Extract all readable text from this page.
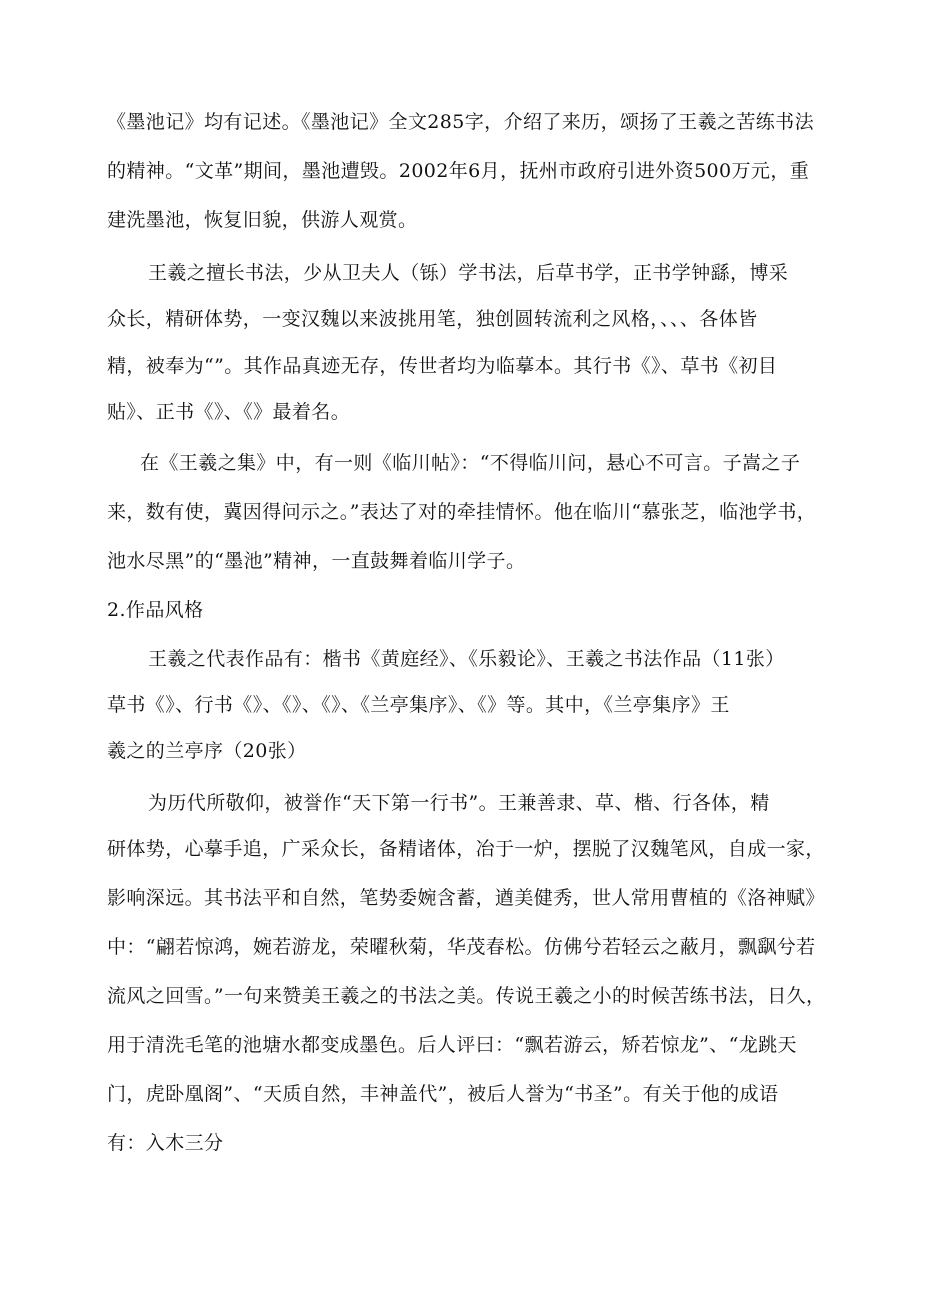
《墨池记》均有记述。《墨池记》全文285字，介绍了来历，颂扬了王羲之苦练书法
的精神。“文革”期间，墨池遭毁。2002年6月，抚州市政府引进外资500万元，重
建洗墨池，恢复旧貌，供游人观赏。
王羲之擅长书法，少从卫夫人（铄）学书法，后草书学，正书学钟繇，博采
众长，精研体势，一变汉魏以来波挑用笔，独创圆转流利之风格，、、、各体皆
精，被奉为“”。其作品真迹无存，传世者均为临摹本。其行书《》、草书《初目
贴》、正书《》、《》最着名。
在《王羲之集》中，有一则《临川帖》：“不得临川问，悬心不可言。子嵩之子
来，数有使，冀因得问示之。”表达了对的牵挂情怀。他在临川“慕张芝，临池学书，
池水尽黑”的“墨池”精神，一直鼓舞着临川学子。
2.作品风格
王羲之代表作品有：楷书《黄庭经》、《乐毅论》、王羲之书法作品（11张）
草书《》、行书《》、《》、《》、《兰亭集序》、《》等。其中，《兰亭集序》王
羲之的兰亭序（20张）
为历代所敬仰，被誉作“天下第一行书”。王兼善隶、草、楷、行各体，精
研体势，心摹手追，广采众长，备精诸体，冶于一炉，摆脱了汉魏笔风，自成一家，
影响深远。其书法平和自然，笔势委婉含蓄，遒美健秀，世人常用曹植的《洛神赋》
中：“翩若惊鸿，婉若游龙，荣曜秋菊，华茂春松。仿佛兮若轻云之蔽月，飘飖兮若
流风之回雪。”一句来赞美王羲之的书法之美。传说王羲之小的时候苦练书法，日久，
用于清洗毛笔的池塘水都变成墨色。后人评曰：“飘若游云，矫若惊龙”、“龙跳天
门，虎卧凰阁”、“天质自然，丰神盖代”，被后人誉为“书圣”。有关于他的成语
有：入木三分
